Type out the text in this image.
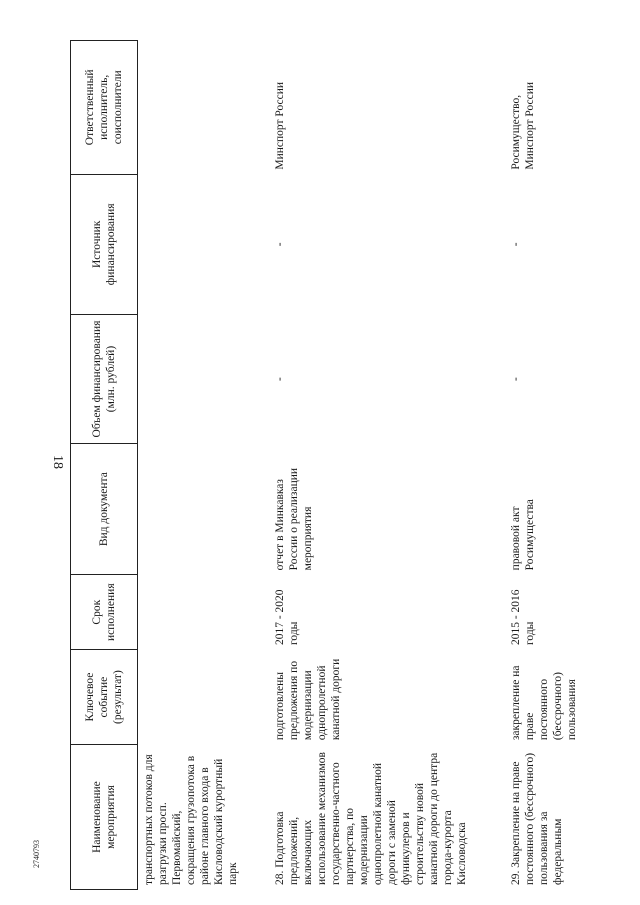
18
2740793
Наименование мероприятия	Ключевое событие (результат)	Срок исполнения	Вид документа	Объем финансирования (млн. рублей)	Источник финансирования	Ответственный исполнитель, соисполнители
транспортных потоков для разгрузки просп. Первомайский, сокращения грузопотока в районе главного входа в Кисловодский курортный парк						
28. Подготовка предложений, включающих использование механизмов государственно-частного партнерства, по модернизации однопролетной канатной дороги с заменой фуникулеров и строительству новой канатной дороги до центра города-курорта Кисловодска	подготовлены предложения по модернизации однопролетной канатной дороги	2017 - 2020 годы	отчет в Минкавказ России о реализации мероприятия	-	-	Минспорт России
29. Закрепление на праве постоянного (бессрочного) пользования за федеральным	закрепление на праве постоянного (бессрочного) пользования	2015 - 2016 годы	правовой акт Росимущества	-	-	Росимущество, Минспорт России
